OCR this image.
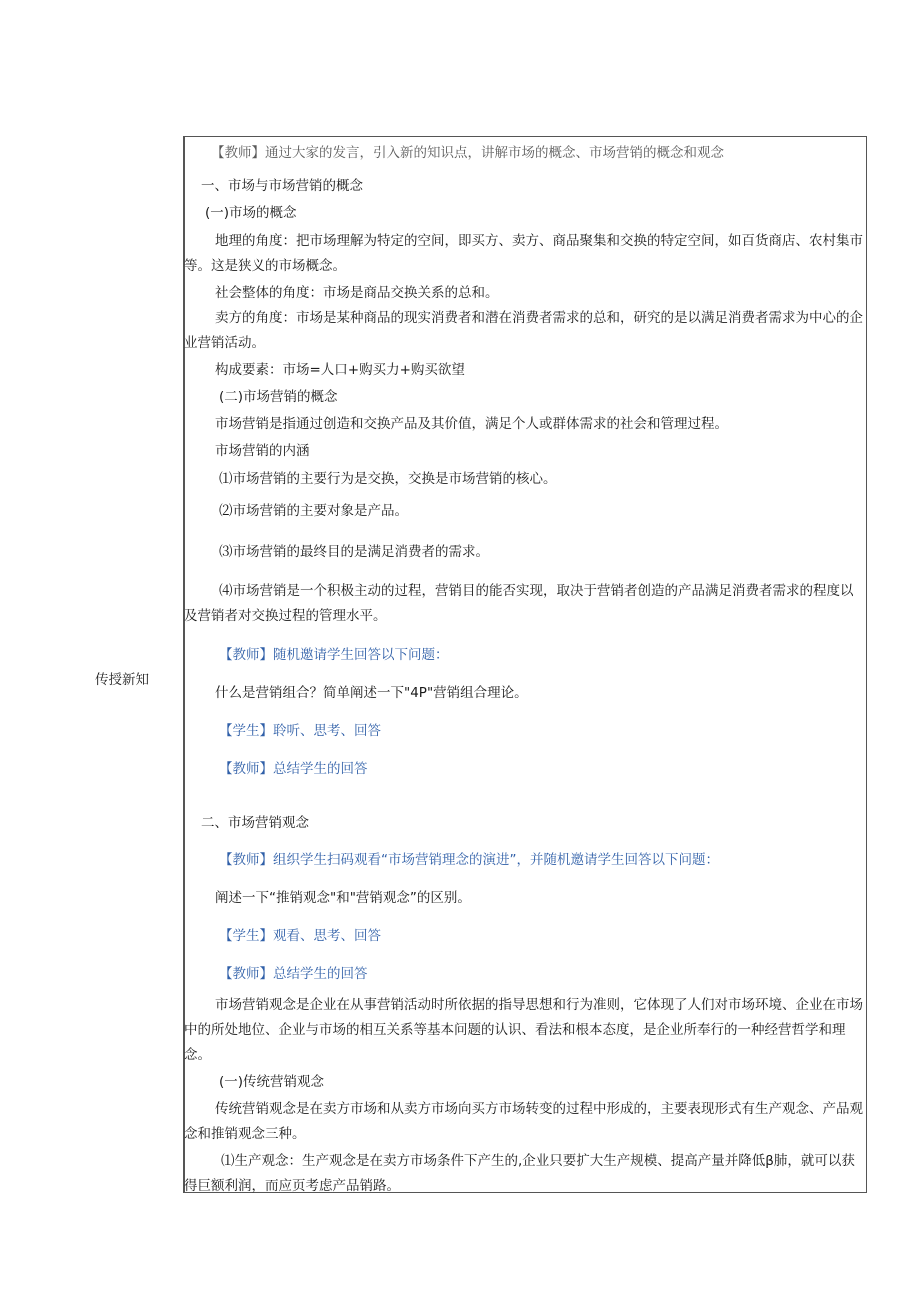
传授新知
【教师】通过大家的发言，引入新的知识点，讲解市场的概念、市场营销的概念和观念
一、市场与市场营销的概念
(一)市场的概念
地理的角度：把市场理解为特定的空间，即买方、卖方、商品聚集和交换的特定空间，如百货商店、农村集市等。这是狭义的市场概念。
社会整体的角度：市场是商品交换关系的总和。
卖方的角度：市场是某种商品的现实消费者和潜在消费者需求的总和，研究的是以满足消费者需求为中心的企业营销活动。
构成要素：市场=人口+购买力+购买欲望
(二)市场营销的概念
市场营销是指通过创造和交换产品及其价值，满足个人或群体需求的社会和管理过程。
市场营销的内涵
⑴市场营销的主要行为是交换，交换是市场营销的核心。
⑵市场营销的主要对象是产品。
⑶市场营销的最终目的是满足消费者的需求。
⑷市场营销是一个积极主动的过程，营销目的能否实现，取决于营销者创造的产品满足消费者需求的程度以及营销者对交换过程的管理水平。
【教师】随机邀请学生回答以下问题：
什么是营销组合？简单阐述一下"4P"营销组合理论。
【学生】聆听、思考、回答
【教师】总结学生的回答
二、市场营销观念
【教师】组织学生扫码观看“市场营销理念的演进”，并随机邀请学生回答以下问题：
阐述一下“推销观念"和"营销观念”的区别。
【学生】观看、思考、回答
【教师】总结学生的回答
市场营销观念是企业在从事营销活动时所依据的指导思想和行为准则，它体现了人们对市场环境、企业在市场中的所处地位、企业与市场的相互关系等基本问题的认识、看法和根本态度，是企业所奉行的一种经营哲学和理念。
(一)传统营销观念
传统营销观念是在卖方市场和从卖方市场向买方市场转变的过程中形成的，主要表现形式有生产观念、产品观念和推销观念三种。
⑴生产观念：生产观念是在卖方市场条件下产生的,企业只要扩大生产规模、提高产量并降低β肺，就可以获得巨额利润，而应页考虑产品销路。
